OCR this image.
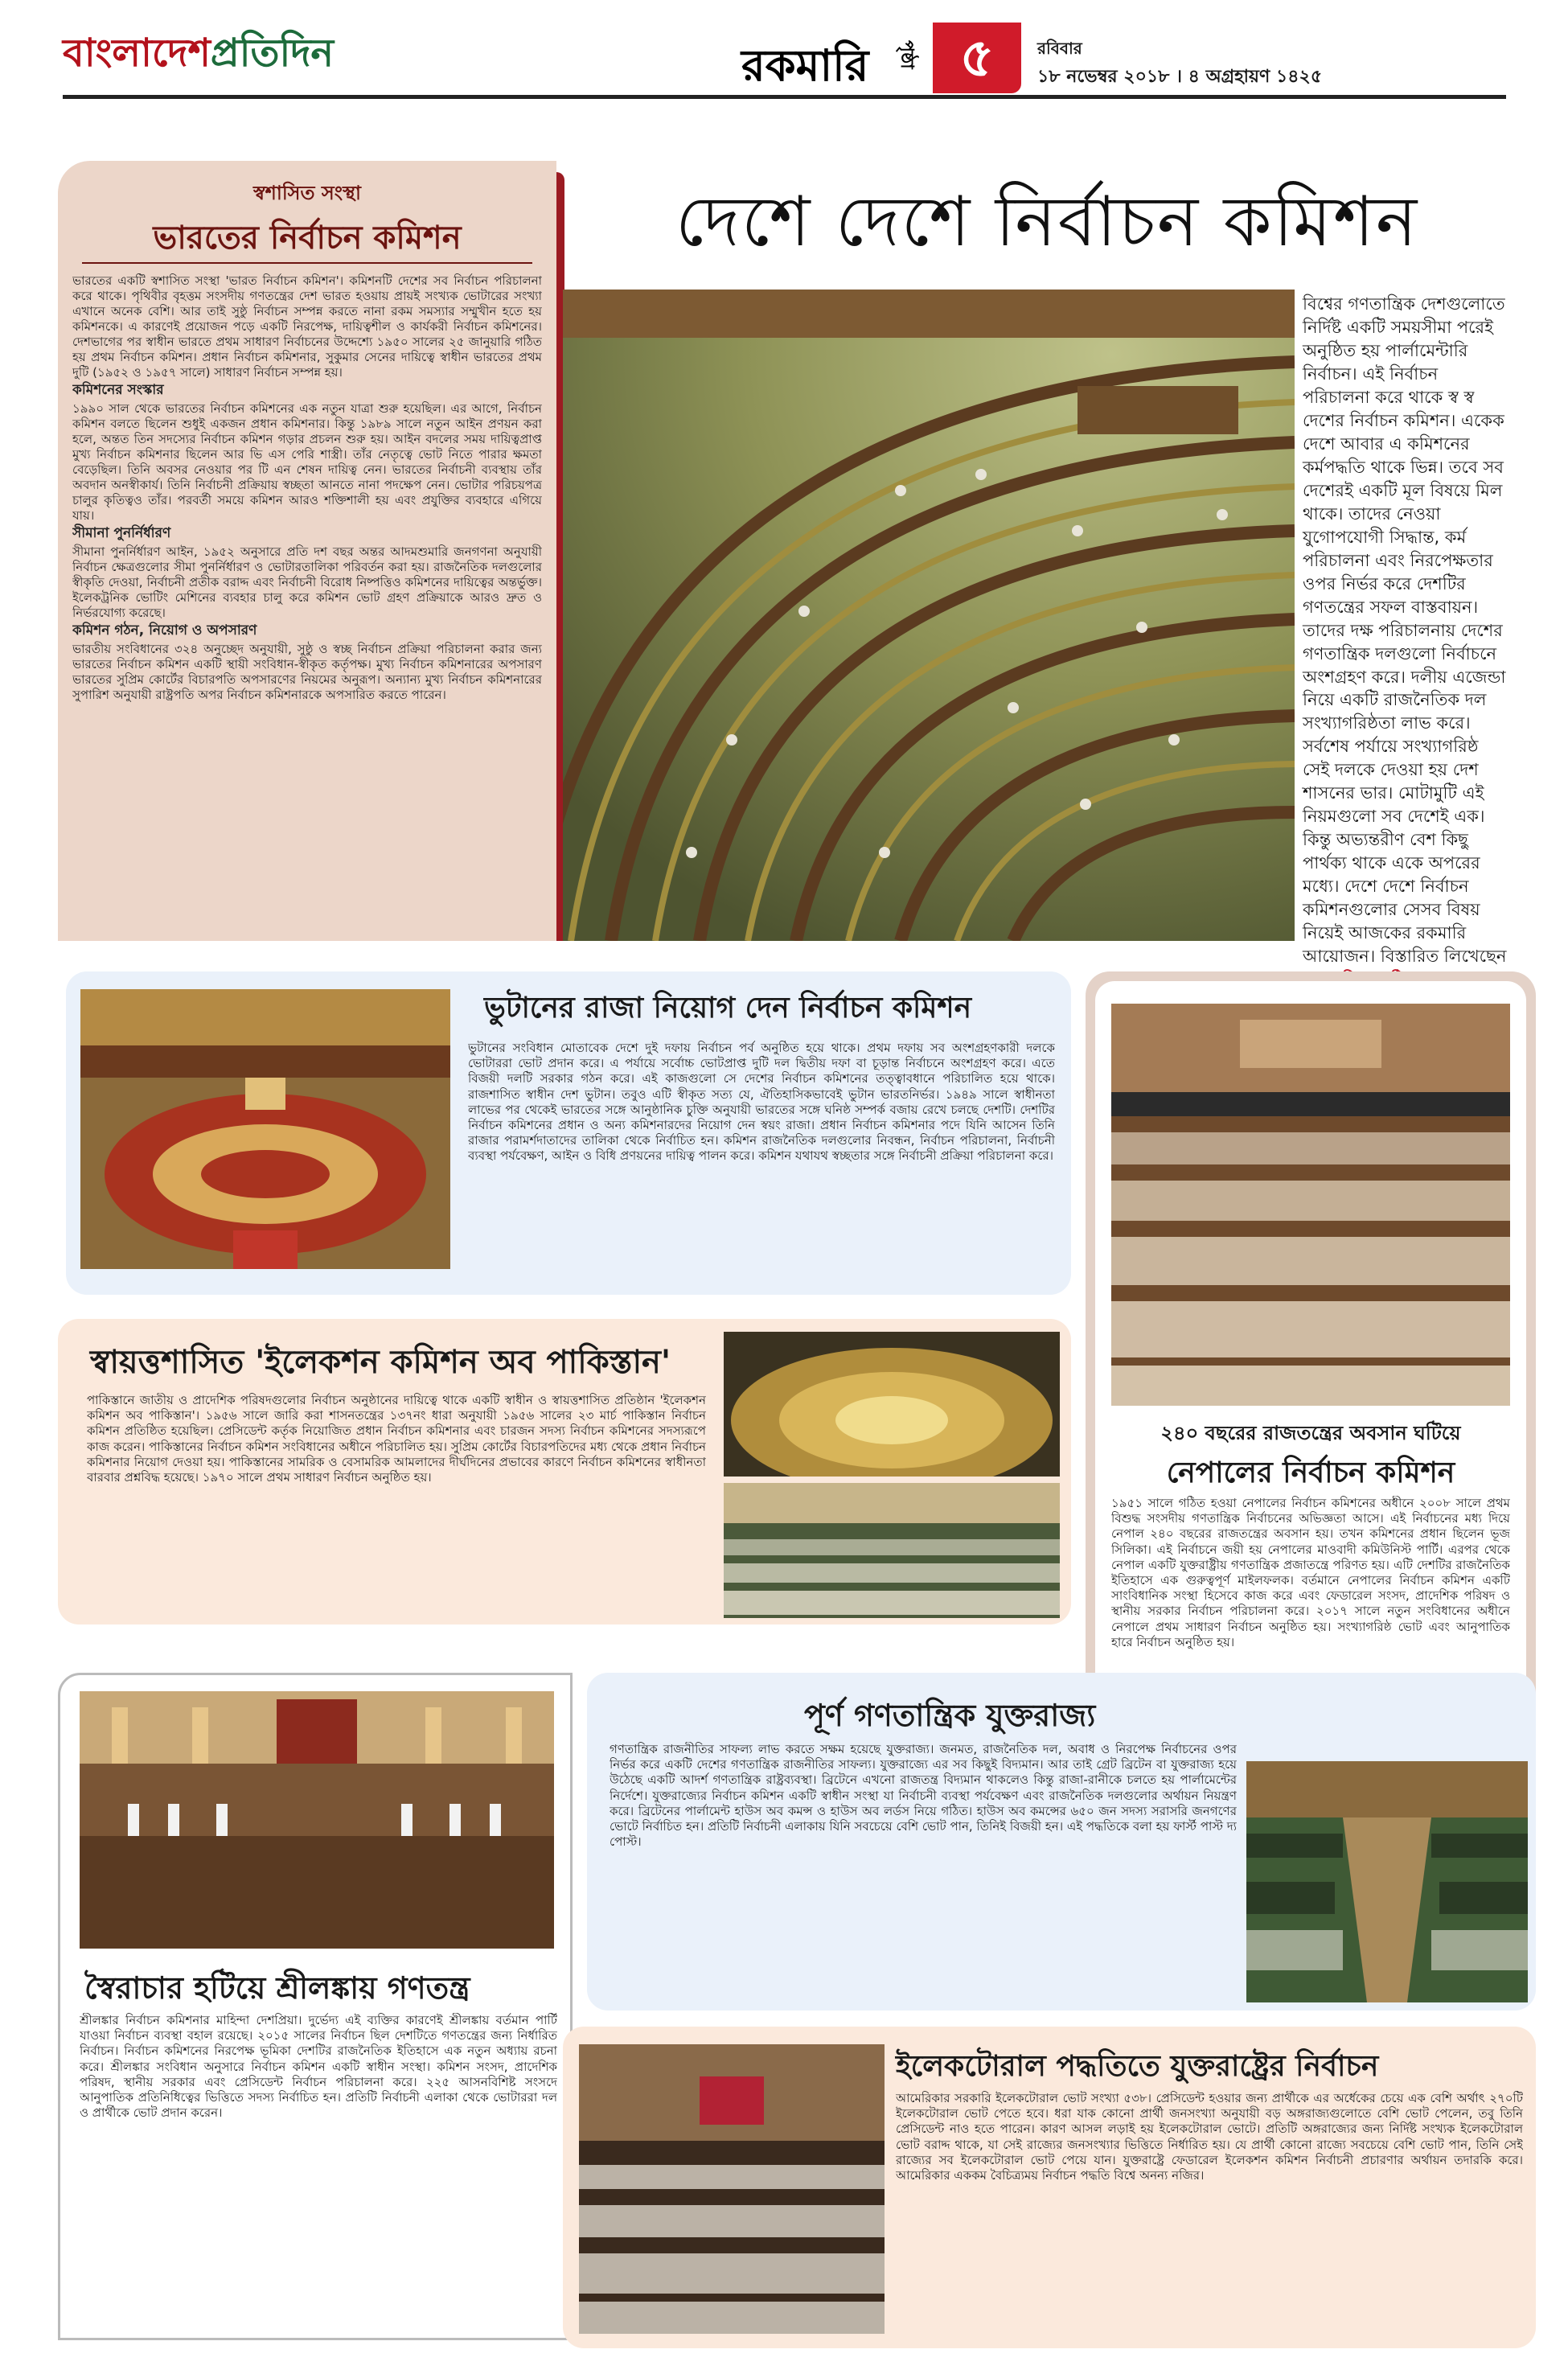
বাংলাদেশপ্রতিদিন	রকমারি	পৃষ্ঠা ৫	রবিবার
১৮ নভেম্বর ২০১৮ । ৪ অগ্রহায়ণ ১৪২৫
স্বশাসিত সংস্থা
ভারতের নির্বাচন কমিশন

ভারতের একটি স্বশাসিত সংস্থা 'ভারত নির্বাচন কমিশন'। কমিশনটি দেশের সব নির্বাচন পরিচালনা করে থাকে। পৃথিবীর বৃহত্তম সংসদীয় গণতন্ত্রের দেশ ভারত হওয়ায় প্রায়ই সংখ্যক ভোটারের সংখ্যা এখানে অনেক বেশি। আর তাই সুষ্ঠু নির্বাচন সম্পন্ন করতে নানা রকম সমস্যার সম্মুখীন হতে হয় কমিশনকে। এ কারণেই প্রয়োজন পড়ে একটি নিরপেক্ষ, দায়িত্বশীল ও কার্যকরী নির্বাচন কমিশনের। দেশভাগের পর স্বাধীন ভারতে প্রথম সাধারণ নির্বাচনের উদ্দেশ্যে ১৯৫০ সালের ২৫ জানুয়ারি গঠিত হয় প্রথম নির্বাচন কমিশন। প্রধান নির্বাচন কমিশনার, সুকুমার সেনের দায়িত্বে স্বাধীন ভারতের প্রথম দুটি (১৯৫২ ও ১৯৫৭ সালে) সাধারণ নির্বাচন সম্পন্ন হয়।

কমিশনের সংস্কার

১৯৯০ সাল থেকে ভারতের নির্বাচন কমিশনের এক নতুন যাত্রা শুরু হয়েছিল। এর আগে, নির্বাচন কমিশন বলতে ছিলেন শুধুই একজন প্রধান কমিশনার। কিন্তু ১৯৮৯ সালে নতুন আইন প্রণয়ন করা হলে, অন্তত তিন সদস্যের নির্বাচন কমিশন গড়ার প্রচলন শুরু হয়। আইন বদলের সময় দায়িত্বপ্রাপ্ত মুখ্য নির্বাচন কমিশনার ছিলেন আর ভি এস পেরি শাস্ত্রী। তাঁর নেতৃত্বে ভোট নিতে পারার ক্ষমতা বেড়েছিল। তিনি অবসর নেওয়ার পর টি এন শেষন দায়িত্ব নেন। ভারতের নির্বাচনী ব্যবস্থায় তাঁর অবদান অনস্বীকার্য। তিনি নির্বাচনী প্রক্রিয়ায় স্বচ্ছতা আনতে নানা পদক্ষেপ নেন। ভোটার পরিচয়পত্র চালুর কৃতিত্বও তাঁর। পরবর্তী সময়ে কমিশন আরও শক্তিশালী হয় এবং প্রযুক্তির ব্যবহারে এগিয়ে যায়।

সীমানা পুনর্নির্ধারণ

সীমানা পুনর্নির্ধারণ আইন, ১৯৫২ অনুসারে প্রতি দশ বছর অন্তর আদমশুমারি জনগণনা অনুযায়ী নির্বাচন ক্ষেত্রগুলোর সীমা পুনর্নির্ধারণ ও ভোটারতালিকা পরিবর্তন করা হয়। রাজনৈতিক দলগুলোর স্বীকৃতি দেওয়া, নির্বাচনী প্রতীক বরাদ্দ এবং নির্বাচনী বিরোধ নিষ্পত্তিও কমিশনের দায়িত্বের অন্তর্ভুক্ত। ইলেকট্রনিক ভোটিং মেশিনের ব্যবহার চালু করে কমিশন ভোট গ্রহণ প্রক্রিয়াকে আরও দ্রুত ও নির্ভরযোগ্য করেছে।

কমিশন গঠন, নিয়োগ ও অপসারণ

ভারতীয় সংবিধানের ৩২৪ অনুচ্ছেদ অনুযায়ী, সুষ্ঠু ও স্বচ্ছ নির্বাচন প্রক্রিয়া পরিচালনা করার জন্য ভারতের নির্বাচন কমিশন একটি স্থায়ী সংবিধান-স্বীকৃত কর্তৃপক্ষ। মুখ্য নির্বাচন কমিশনারের অপসারণ ভারতের সুপ্রিম কোর্টের বিচারপতি অপসারণের নিয়মের অনুরূপ। অন্যান্য মুখ্য নির্বাচন কমিশনারের সুপারিশ অনুযায়ী রাষ্ট্রপতি অপর নির্বাচন কমিশনারকে অপসারিত করতে পারেন।

দেশে দেশে নির্বাচন কমিশন
বিশ্বের গণতান্ত্রিক দেশগুলোতে নির্দিষ্ট একটি সময়সীমা পরেই অনুষ্ঠিত হয় পার্লামেন্টারি নির্বাচন। এই নির্বাচন পরিচালনা করে থাকে স্ব স্ব দেশের নির্বাচন কমিশন। একেক দেশে আবার এ কমিশনের কর্মপদ্ধতি থাকে ভিন্ন। তবে সব দেশেরই একটি মূল বিষয়ে মিল থাকে। তাদের নেওয়া যুগোপযোগী সিদ্ধান্ত, কর্ম পরিচালনা এবং নিরপেক্ষতার ওপর নির্ভর করে দেশটির গণতন্ত্রের সফল বাস্তবায়ন। তাদের দক্ষ পরিচালনায় দেশের গণতান্ত্রিক দলগুলো নির্বাচনে অংশগ্রহণ করে। দলীয় এজেন্ডা নিয়ে একটি রাজনৈতিক দল সংখ্যাগরিষ্ঠতা লাভ করে। সর্বশেষ পর্যায়ে সংখ্যাগরিষ্ঠ সেই দলকে দেওয়া হয় দেশ শাসনের ভার। মোটামুটি এই নিয়মগুলো সব দেশেই এক। কিন্তু অভ্যন্তরীণ বেশ কিছু পার্থক্য থাকে একে অপরের মধ্যে। দেশে দেশে নির্বাচন কমিশনগুলোর সেসব বিষয় নিয়েই আজকের রকমারি আয়োজন। বিস্তারিত লিখেছেন
ভুটানের রাজা নিয়োগ দেন নির্বাচন কমিশন
ভুটানের সংবিধান মোতাবেক দেশে দুই দফায় নির্বাচন পর্ব অনুষ্ঠিত হয়ে থাকে। প্রথম দফায় সব অংশগ্রহণকারী দলকে ভোটাররা ভোট প্রদান করে। এ পর্যায়ে সর্বোচ্চ ভোটপ্রাপ্ত দুটি দল দ্বিতীয় দফা বা চূড়ান্ত নির্বাচনে অংশগ্রহণ করে। এতে বিজয়ী দলটি সরকার গঠন করে। এই কাজগুলো সে দেশের নির্বাচন কমিশনের তত্ত্বাবধানে পরিচালিত হয়ে থাকে। রাজশাসিত স্বাধীন দেশ ভুটান। তবুও এটি স্বীকৃত সত্য যে, ঐতিহাসিকভাবেই ভুটান ভারতনির্ভর। ১৯৪৯ সালে স্বাধীনতা লাভের পর থেকেই ভারতের সঙ্গে আনুষ্ঠানিক চুক্তি অনুযায়ী ভারতের সঙ্গে ঘনিষ্ঠ সম্পর্ক বজায় রেখে চলছে দেশটি। দেশটির নির্বাচন কমিশনের প্রধান ও অন্য কমিশনারদের নিয়োগ দেন স্বয়ং রাজা। প্রধান নির্বাচন কমিশনার পদে যিনি আসেন তিনি রাজার পরামর্শদাতাদের তালিকা থেকে নির্বাচিত হন। কমিশন রাজনৈতিক দলগুলোর নিবন্ধন, নির্বাচন পরিচালনা, নির্বাচনী ব্যবস্থা পর্যবেক্ষণ, আইন ও বিধি প্রণয়নের দায়িত্ব পালন করে। কমিশন যথাযথ স্বচ্ছতার সঙ্গে নির্বাচনী প্রক্রিয়া পরিচালনা করে।
২৪০ বছরের রাজতন্ত্রের অবসান ঘটিয়ে
নেপালের নির্বাচন কমিশন
১৯৫১ সালে গঠিত হওয়া নেপালের নির্বাচন কমিশনের অধীনে ২০০৮ সালে প্রথম বিশুদ্ধ সংসদীয় গণতান্ত্রিক নির্বাচনের অভিজ্ঞতা আসে। এই নির্বাচনের মধ্য দিয়ে নেপাল ২৪০ বছরের রাজতন্ত্রের অবসান হয়। তখন কমিশনের প্রধান ছিলেন ভূজ সিলিকা। এই নির্বাচনে জয়ী হয় নেপালের মাওবাদী কমিউনিস্ট পার্টি। এরপর থেকে নেপাল একটি যুক্তরাষ্ট্রীয় গণতান্ত্রিক প্রজাতন্ত্রে পরিণত হয়। এটি দেশটির রাজনৈতিক ইতিহাসে এক গুরুত্বপূর্ণ মাইলফলক। বর্তমানে নেপালের নির্বাচন কমিশন একটি সাংবিধানিক সংস্থা হিসেবে কাজ করে এবং ফেডারেল সংসদ, প্রাদেশিক পরিষদ ও স্থানীয় সরকার নির্বাচন পরিচালনা করে। ২০১৭ সালে নতুন সংবিধানের অধীনে নেপালে প্রথম সাধারণ নির্বাচন অনুষ্ঠিত হয়। সংখ্যাগরিষ্ঠ ভোট এবং আনুপাতিক হারে নির্বাচন অনুষ্ঠিত হয়।
স্বায়ত্তশাসিত 'ইলেকশন কমিশন অব পাকিস্তান'
পাকিস্তানে জাতীয় ও প্রাদেশিক পরিষদগুলোর নির্বাচন অনুষ্ঠানের দায়িত্বে থাকে একটি স্বাধীন ও স্বায়ত্তশাসিত প্রতিষ্ঠান 'ইলেকশন কমিশন অব পাকিস্তান'। ১৯৫৬ সালে জারি করা শাসনতন্ত্রের ১৩৭নং ধারা অনুযায়ী ১৯৫৬ সালের ২৩ মার্চ পাকিস্তান নির্বাচন কমিশন প্রতিষ্ঠিত হয়েছিল। প্রেসিডেন্ট কর্তৃক নিয়োজিত প্রধান নির্বাচন কমিশনার এবং চারজন সদস্য নির্বাচন কমিশনের সদস্যরূপে কাজ করেন। পাকিস্তানের নির্বাচন কমিশন সংবিধানের অধীনে পরিচালিত হয়। সুপ্রিম কোর্টের বিচারপতিদের মধ্য থেকে প্রধান নির্বাচন কমিশনার নিয়োগ দেওয়া হয়। পাকিস্তানের সামরিক ও বেসামরিক আমলাদের দীর্ঘদিনের প্রভাবের কারণে নির্বাচন কমিশনের স্বাধীনতা বারবার প্রশ্নবিদ্ধ হয়েছে। ১৯৭০ সালে প্রথম সাধারণ নির্বাচন অনুষ্ঠিত হয়।
স্বৈরাচার হটিয়ে শ্রীলঙ্কায় গণতন্ত্র
শ্রীলঙ্কার নির্বাচন কমিশনার মাহিন্দা দেশপ্রিয়া। দুর্ভেদ্য এই ব্যক্তির কারণেই শ্রীলঙ্কায় বর্তমান পার্টি যাওয়া নির্বাচন ব্যবস্থা বহাল রয়েছে। ২০১৫ সালের নির্বাচন ছিল দেশটিতে গণতন্ত্রের জন্য নির্ধারিত নির্বাচন। নির্বাচন কমিশনের নিরপেক্ষ ভূমিকা দেশটির রাজনৈতিক ইতিহাসে এক নতুন অধ্যায় রচনা করে। শ্রীলঙ্কার সংবিধান অনুসারে নির্বাচন কমিশন একটি স্বাধীন সংস্থা। কমিশন সংসদ, প্রাদেশিক পরিষদ, স্থানীয় সরকার এবং প্রেসিডেন্ট নির্বাচন পরিচালনা করে। ২২৫ আসনবিশিষ্ট সংসদে আনুপাতিক প্রতিনিধিত্বের ভিত্তিতে সদস্য নির্বাচিত হন। প্রতিটি নির্বাচনী এলাকা থেকে ভোটাররা দল ও প্রার্থীকে ভোট প্রদান করেন।
পূর্ণ গণতান্ত্রিক যুক্তরাজ্য
গণতান্ত্রিক রাজনীতির সাফল্য লাভ করতে সক্ষম হয়েছে যুক্তরাজ্য। জনমত, রাজনৈতিক দল, অবাধ ও নিরপেক্ষ নির্বাচনের ওপর নির্ভর করে একটি দেশের গণতান্ত্রিক রাজনীতির সাফল্য। যুক্তরাজ্যে এর সব কিছুই বিদ্যমান। আর তাই গ্রেট ব্রিটেন বা যুক্তরাজ্য হয়ে উঠেছে একটি আদর্শ গণতান্ত্রিক রাষ্ট্রব্যবস্থা। ব্রিটেনে এখনো রাজতন্ত্র বিদ্যমান থাকলেও কিন্তু রাজা-রানীকে চলতে হয় পার্লামেন্টের নির্দেশে। যুক্তরাজ্যের নির্বাচন কমিশন একটি স্বাধীন সংস্থা যা নির্বাচনী ব্যবস্থা পর্যবেক্ষণ এবং রাজনৈতিক দলগুলোর অর্থায়ন নিয়ন্ত্রণ করে। ব্রিটেনের পার্লামেন্ট হাউস অব কমন্স ও হাউস অব লর্ডস নিয়ে গঠিত। হাউস অব কমন্সের ৬৫০ জন সদস্য সরাসরি জনগণের ভোটে নির্বাচিত হন। প্রতিটি নির্বাচনী এলাকায় যিনি সবচেয়ে বেশি ভোট পান, তিনিই বিজয়ী হন। এই পদ্ধতিকে বলা হয় ফার্স্ট পাস্ট দ্য পোস্ট।
ইলেকটোরাল পদ্ধতিতে যুক্তরাষ্ট্রের নির্বাচন
আমেরিকার সরকারি ইলেকটোরাল ভোট সংখ্যা ৫৩৮। প্রেসিডেন্ট হওয়ার জন্য প্রার্থীকে এর অর্ধেকের চেয়ে এক বেশি অর্থাৎ ২৭০টি ইলেকটোরাল ভোট পেতে হবে। ধরা যাক কোনো প্রার্থী জনসংখ্যা অনুযায়ী বড় অঙ্গরাজ্যগুলোতে বেশি ভোট পেলেন, তবু তিনি প্রেসিডেন্ট নাও হতে পারেন। কারণ আসল লড়াই হয় ইলেকটোরাল ভোটে। প্রতিটি অঙ্গরাজ্যের জন্য নির্দিষ্ট সংখ্যক ইলেকটোরাল ভোট বরাদ্দ থাকে, যা সেই রাজ্যের জনসংখ্যার ভিত্তিতে নির্ধারিত হয়। যে প্রার্থী কোনো রাজ্যে সবচেয়ে বেশি ভোট পান, তিনি সেই রাজ্যের সব ইলেকটোরাল ভোট পেয়ে যান। যুক্তরাষ্ট্রে ফেডারেল ইলেকশন কমিশন নির্বাচনী প্রচারণার অর্থায়ন তদারকি করে। আমেরিকার এককম বৈচিত্র্যময় নির্বাচন পদ্ধতি বিশ্বে অনন্য নজির।
